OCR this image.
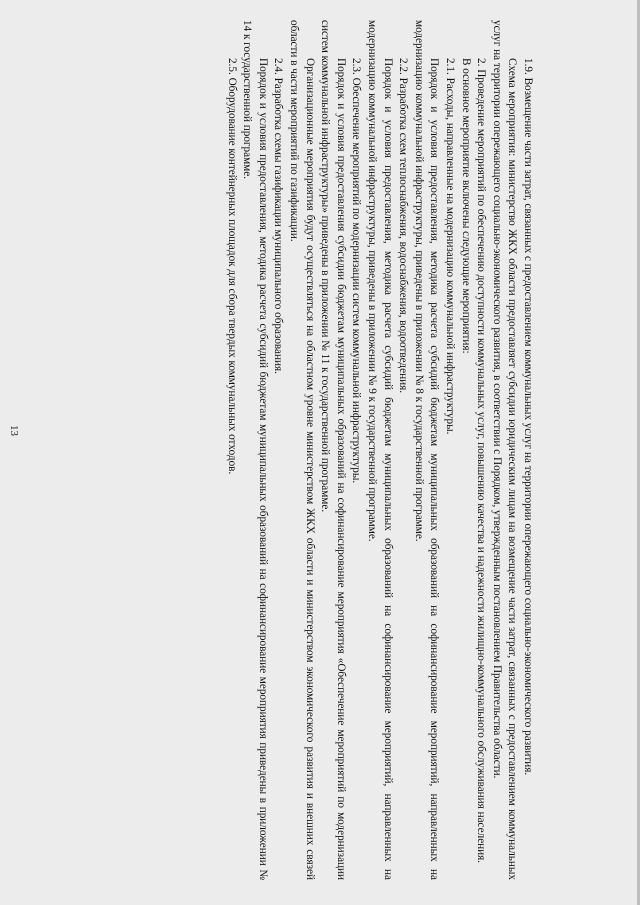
13	1.9. Возмещение части затрат, связанных с предоставлением коммунальных услуг на территории опережающего социально-экономического развития.

Схема мероприятия: министерство ЖКХ области предоставляет субсидии юридическим лицам на возмещение части затрат, связанных с предоставлением коммунальных услуг на территории опережающего социально-экономического развития, в соответствии с Порядком, утвержденным постановлением Правительства области.

2. Проведение мероприятий по обеспечению доступности коммунальных услуг, повышению качества и надежности жилищно-коммунального обслуживания населения.

В основное мероприятие включены следующие мероприятия:

2.1. Расходы, направленные на модернизацию коммунальной инфраструктуры.

Порядок и условия предоставления, методика расчета субсидий бюджетам муниципальных образований на софинансирование мероприятий, направленных на модернизацию коммунальной инфраструктуры, приведены в приложении № 8 к государственной программе.

2.2. Разработка схем теплоснабжения, водоснабжения, водоотведения.

Порядок и условия предоставления, методика расчета субсидий бюджетам муниципальных образований на софинансирование мероприятий, направленных на модернизацию коммунальной инфраструктуры, приведены в приложении № 9 к государственной программе.

2.3. Обеспечение мероприятий по модернизации систем коммунальной инфраструктуры.

Порядок и условия предоставления субсидии бюджетам муниципальных образований на софинансирование мероприятия «Обеспечение мероприятий по модернизации систем коммунальной инфраструктуры» приведены в приложении № 11 к государственной программе.

Организационные мероприятия будут осуществляться на областном уровне министерством ЖКХ области и министерством экономического развития и внешних связей области в части мероприятий по газификации.

2.4. Разработка схемы газификации муниципального образования.

Порядок и условия предоставления, методика расчета субсидий бюджетам муниципальных образований на софинансирование мероприятия приведены в приложении № 14 к государственной программе.

2.5. Оборудование контейнерных площадок для сбора твердых коммунальных отходов.
